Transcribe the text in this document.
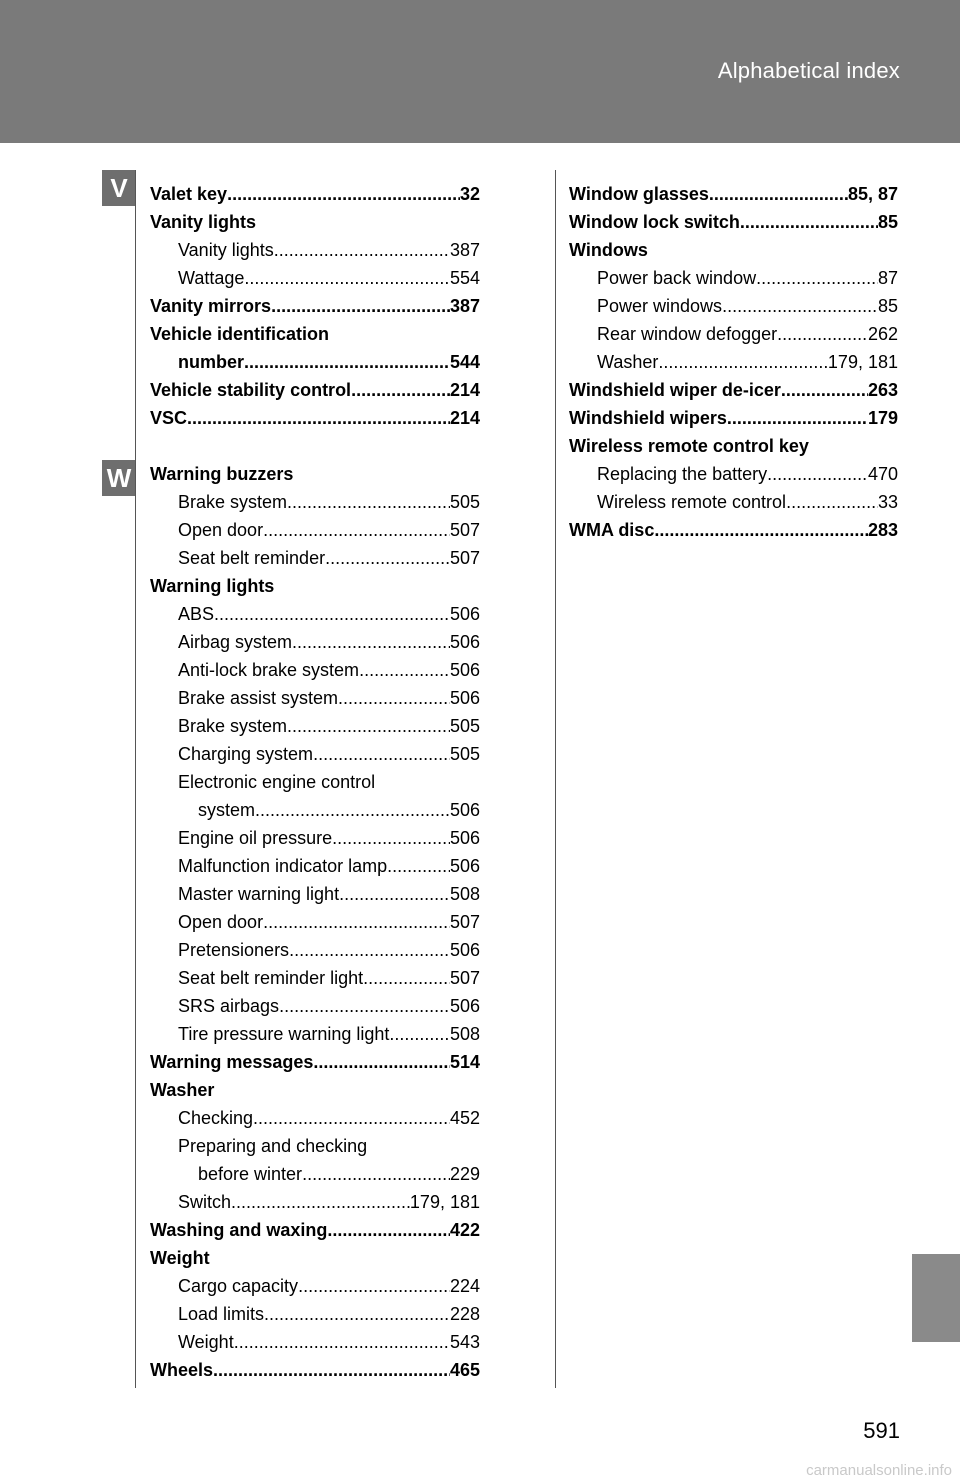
Alphabetical index
V
W
Valet key .....	32
Vanity lights
Vanity lights .....	387
Wattage .....	554
Vanity mirrors .....	387
Vehicle identification
number .....	544
Vehicle stability control .....	214
VSC .....	214
Warning buzzers
Brake system .....	505
Open door .....	507
Seat belt reminder .....	507
Warning lights
ABS .....	506
Airbag system .....	506
Anti-lock brake system .....	506
Brake assist system .....	506
Brake system .....	505
Charging system .....	505
Electronic engine control
system .....	506
Engine oil pressure .....	506
Malfunction indicator lamp .....	506
Master warning light .....	508
Open door .....	507
Pretensioners .....	506
Seat belt reminder light .....	507
SRS airbags .....	506
Tire pressure warning light .....	508
Warning messages .....	514
Washer
Checking .....	452
Preparing and checking
before winter .....	229
Switch .....	179, 181
Washing and waxing .....	422
Weight
Cargo capacity .....	224
Load limits .....	228
Weight .....	543
Wheels .....	465
Window glasses .....	85, 87
Window lock switch .....	85
Windows
Power back window .....	87
Power windows .....	85
Rear window defogger .....	262
Washer .....	179, 181
Windshield wiper de-icer .....	263
Windshield wipers .....	179
Wireless remote control key
Replacing the battery .....	470
Wireless remote control .....	33
WMA disc .....	283
591
carmanualsonline.info
